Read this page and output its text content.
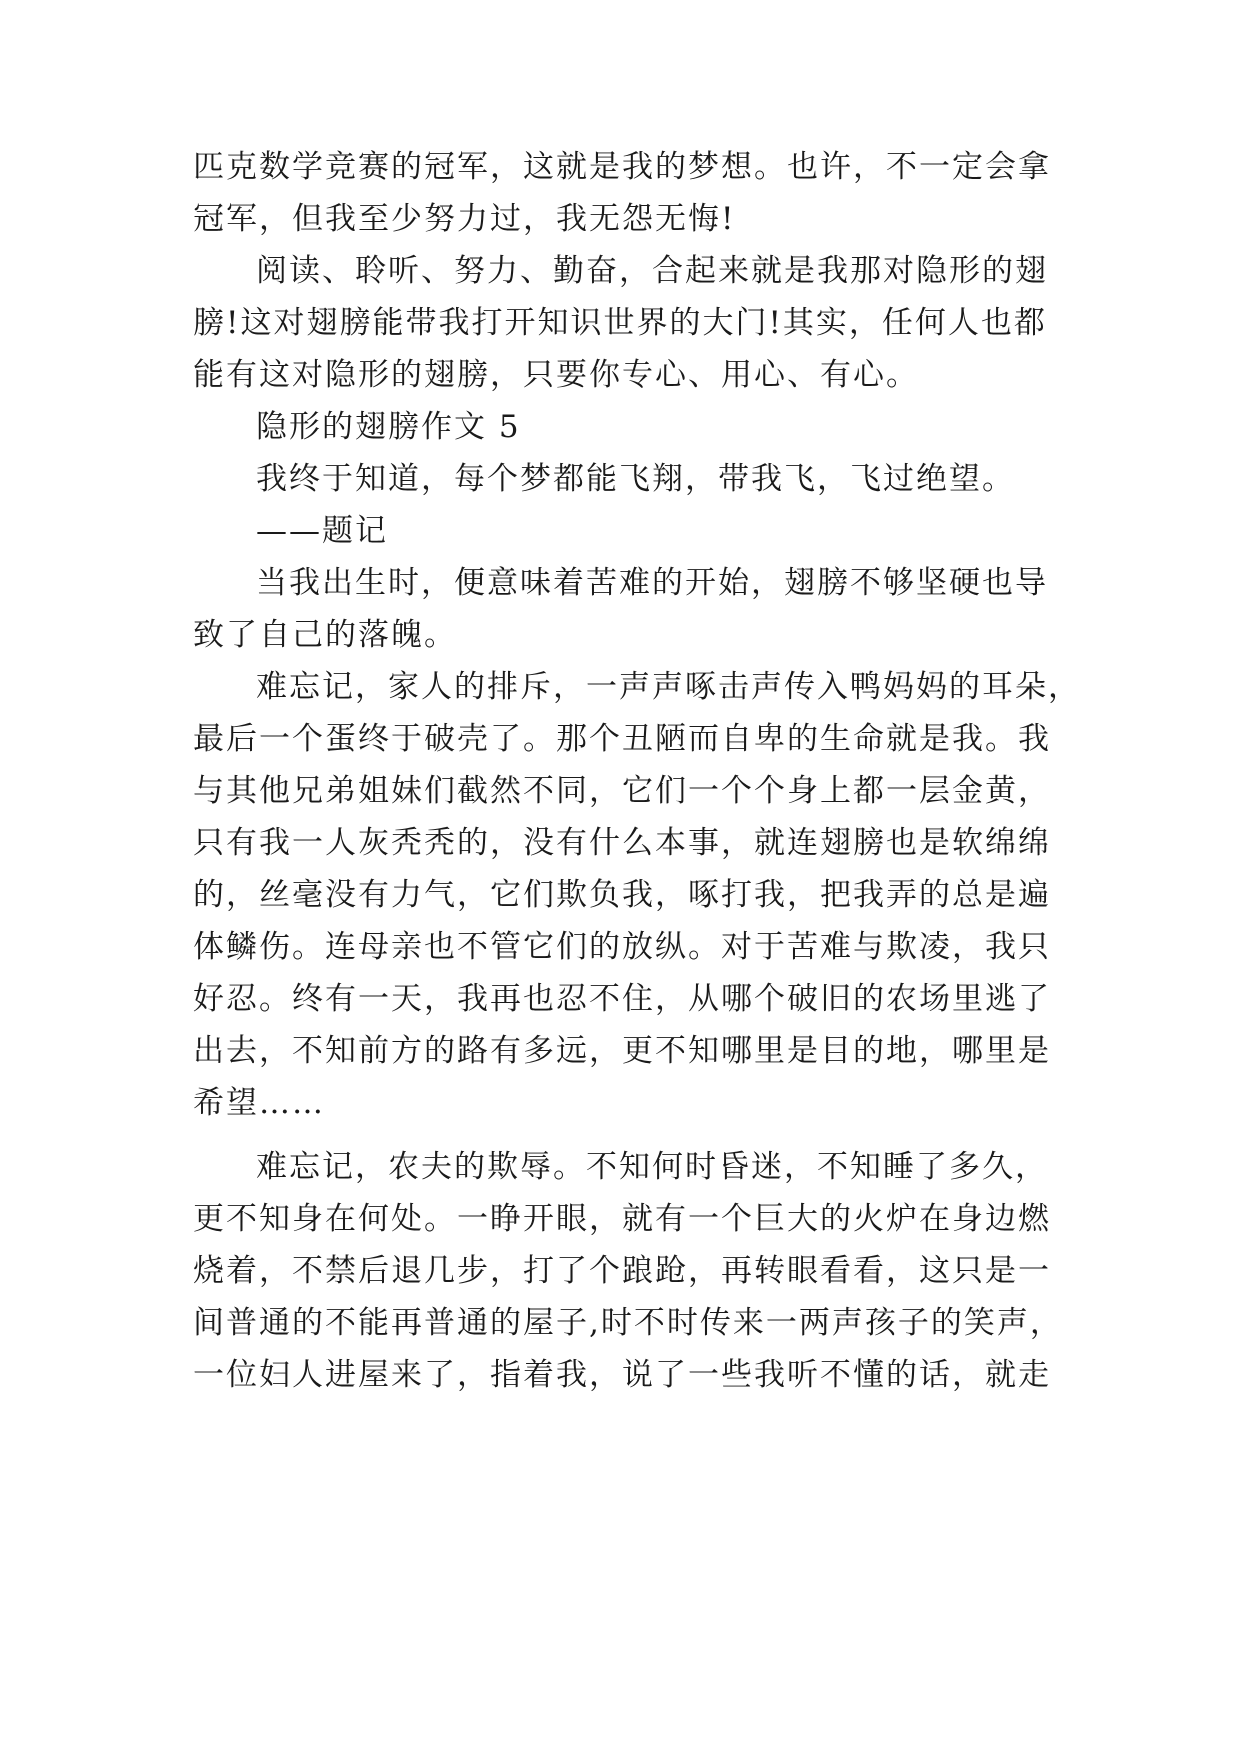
匹克数学竞赛的冠军，这就是我的梦想。也许，不一定会拿
冠军，但我至少努力过，我无怨无悔!
阅读、聆听、努力、勤奋，合起来就是我那对隐形的翅
膀!这对翅膀能带我打开知识世界的大门!其实，任何人也都
能有这对隐形的翅膀，只要你专心、用心、有心。
隐形的翅膀作文 5
我终于知道，每个梦都能飞翔，带我飞，飞过绝望。
——题记
当我出生时，便意味着苦难的开始，翅膀不够坚硬也导
致了自己的落魄。
难忘记，家人的排斥，一声声啄击声传入鸭妈妈的耳朵，
最后一个蛋终于破壳了。那个丑陋而自卑的生命就是我。我
与其他兄弟姐妹们截然不同，它们一个个身上都一层金黄，
只有我一人灰秃秃的，没有什么本事，就连翅膀也是软绵绵
的，丝毫没有力气，它们欺负我，啄打我，把我弄的总是遍
体鳞伤。连母亲也不管它们的放纵。对于苦难与欺凌，我只
好忍。终有一天，我再也忍不住，从哪个破旧的农场里逃了
出去，不知前方的路有多远，更不知哪里是目的地，哪里是
希望……
难忘记，农夫的欺辱。不知何时昏迷，不知睡了多久，
更不知身在何处。一睁开眼，就有一个巨大的火炉在身边燃
烧着，不禁后退几步，打了个踉跄，再转眼看看，这只是一
间普通的不能再普通的屋子,时不时传来一两声孩子的笑声，
一位妇人进屋来了，指着我，说了一些我听不懂的话，就走
